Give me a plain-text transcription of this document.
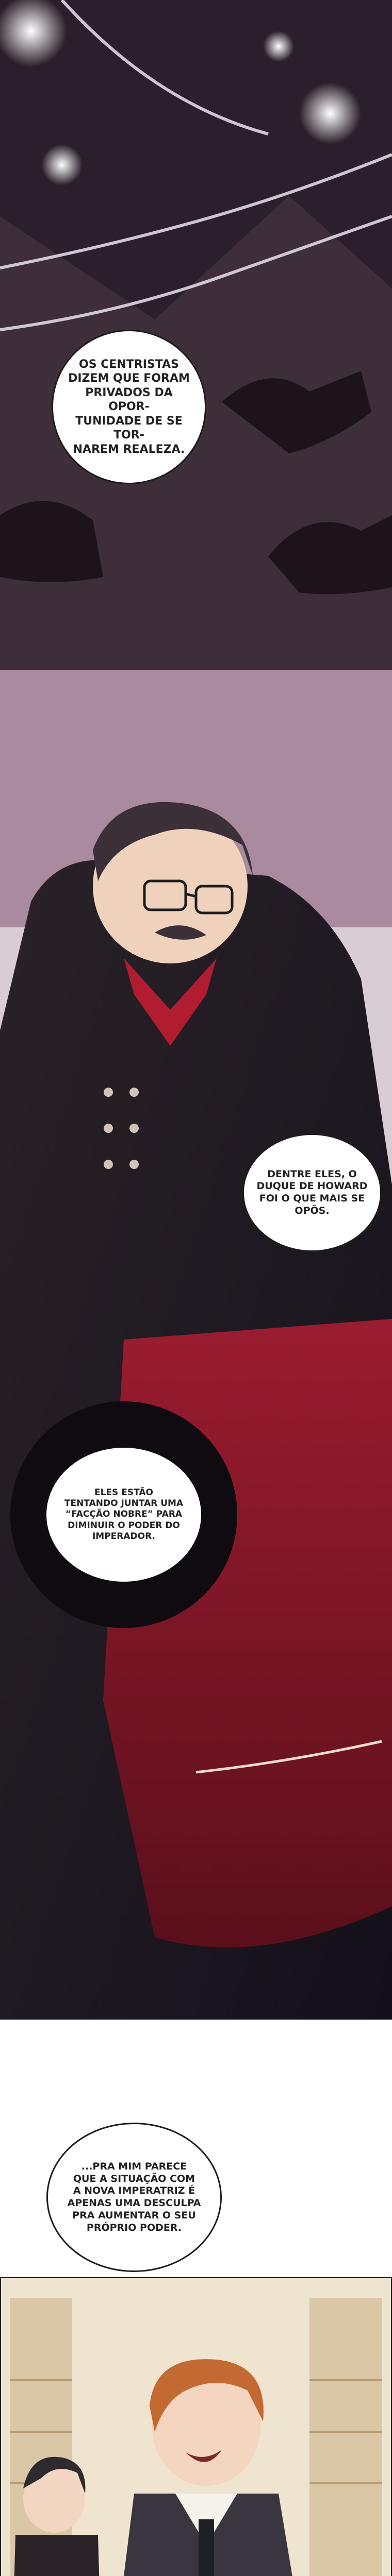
OS CENTRISTAS
DIZEM QUE FORAM
PRIVADOS DA OPOR-
TUNIDADE DE SE TOR-
NAREM REALEZA.
DENTRE ELES, O
DUQUE DE HOWARD
FOI O QUE MAIS SE
OPÔS.
ELES ESTÃO
TENTANDO JUNTAR UMA
“FACÇÃO NOBRE” PARA
DIMINUIR O PODER DO
IMPERADOR.
...PRA MIM PARECE
QUE A SITUAÇÃO COM
A NOVA IMPERATRIZ É
APENAS UMA DESCULPA
PRA AUMENTAR O SEU
PRÓPRIO PODER.
